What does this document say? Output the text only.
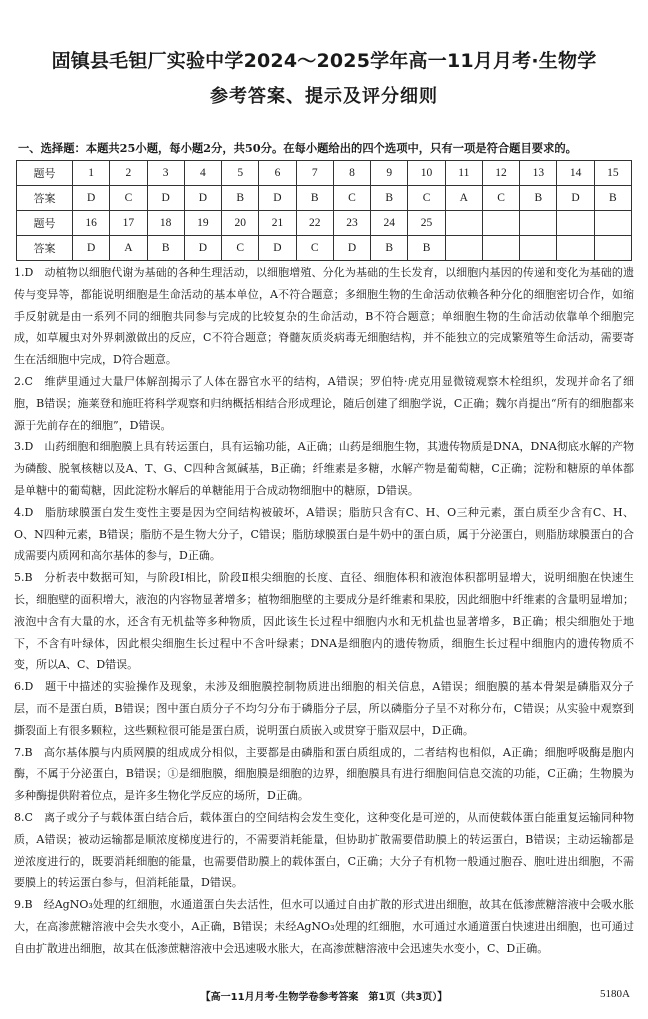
固镇县毛钽厂实验中学2024～2025学年高一11月月考·生物学
参考答案、提示及评分细则
一、选择题：本题共25小题，每小题2分，共50分。在每小题给出的四个选项中，只有一项是符合题目要求的。
题号	1	2	3	4	5	6	7	8	9	10	11	12	13	14	15
答案	D	C	D	D	B	D	B	C	B	C	A	C	B	D	B
题号	16	17	18	19	20	21	22	23	24	25					
答案	D	A	B	D	C	D	C	D	B	B					

1.D　动植物以细胞代谢为基础的各种生理活动，以细胞增殖、分化为基础的生长发育，以细胞内基因的传递和变化为基础的遗传与变异等，都能说明细胞是生命活动的基本单位，A不符合题意；多细胞生物的生命活动依赖各种分化的细胞密切合作，如缩手反射就是由一系列不同的细胞共同参与完成的比较复杂的生命活动，B不符合题意；单细胞生物的生命活动依靠单个细胞完成，如草履虫对外界刺激做出的反应，C不符合题意；脊髓灰质炎病毒无细胞结构，并不能独立的完成繁殖等生命活动，需要寄生在活细胞中完成，D符合题意。

2.C　维萨里通过大量尸体解剖揭示了人体在器官水平的结构，A错误；罗伯特·虎克用显微镜观察木栓组织，发现并命名了细胞，B错误；施莱登和施旺将科学观察和归纳概括相结合形成理论，随后创建了细胞学说，C正确；魏尔肖提出“所有的细胞都来源于先前存在的细胞”，D错误。

3.D　山药细胞和细胞膜上具有转运蛋白，具有运输功能，A正确；山药是细胞生物，其遗传物质是DNA，DNA彻底水解的产物为磷酸、脱氧核糖以及A、T、G、C四种含氮碱基，B正确；纤维素是多糖，水解产物是葡萄糖，C正确；淀粉和糖原的单体都是单糖中的葡萄糖，因此淀粉水解后的单糖能用于合成动物细胞中的糖原，D错误。

4.D　脂肪球膜蛋白发生变性主要是因为空间结构被破坏，A错误；脂肪只含有C、H、O三种元素，蛋白质至少含有C、H、O、N四种元素，B错误；脂肪不是生物大分子，C错误；脂肪球膜蛋白是牛奶中的蛋白质，属于分泌蛋白，则脂肪球膜蛋白的合成需要内质网和高尔基体的参与，D正确。

5.B　分析表中数据可知，与阶段Ⅰ相比，阶段Ⅱ根尖细胞的长度、直径、细胞体积和液泡体积都明显增大，说明细胞在快速生长，细胞壁的面积增大，液泡的内容物显著增多；植物细胞壁的主要成分是纤维素和果胶，因此细胞中纤维素的含量明显增加；液泡中含有大量的水，还含有无机盐等多种物质，因此该生长过程中细胞内水和无机盐也显著增多，B正确；根尖细胞处于地下，不含有叶绿体，因此根尖细胞生长过程中不含叶绿素；DNA是细胞内的遗传物质，细胞生长过程中细胞内的遗传物质不变，所以A、C、D错误。

6.D　题干中描述的实验操作及现象，未涉及细胞膜控制物质进出细胞的相关信息，A错误；细胞膜的基本骨架是磷脂双分子层，而不是蛋白质，B错误；图中蛋白质分子不均匀分布于磷脂分子层，所以磷脂分子呈不对称分布，C错误；从实验中观察到撕裂面上有很多颗粒，这些颗粒很可能是蛋白质，说明蛋白质嵌入或贯穿于脂双层中，D正确。

7.B　高尔基体膜与内质网膜的组成成分相似，主要都是由磷脂和蛋白质组成的，二者结构也相似，A正确；细胞呼吸酶是胞内酶，不属于分泌蛋白，B错误；①是细胞膜，细胞膜是细胞的边界，细胞膜具有进行细胞间信息交流的功能，C正确；生物膜为多种酶提供附着位点，是许多生物化学反应的场所，D正确。

8.C　离子或分子与载体蛋白结合后，载体蛋白的空间结构会发生变化，这种变化是可逆的，从而使载体蛋白能重复运输同种物质，A错误；被动运输都是顺浓度梯度进行的，不需要消耗能量，但协助扩散需要借助膜上的转运蛋白，B错误；主动运输都是逆浓度进行的，既要消耗细胞的能量，也需要借助膜上的载体蛋白，C正确；大分子有机物一般通过胞吞、胞吐进出细胞，不需要膜上的转运蛋白参与，但消耗能量，D错误。

9.B　经AgNO₃处理的红细胞，水通道蛋白失去活性，但水可以通过自由扩散的形式进出细胞，故其在低渗蔗糖溶液中会吸水胀大，在高渗蔗糖溶液中会失水变小，A正确，B错误；未经AgNO₃处理的红细胞，水可通过水通道蛋白快速进出细胞，也可通过自由扩散进出细胞，故其在低渗蔗糖溶液中会迅速吸水胀大，在高渗蔗糖溶液中会迅速失水变小，C、D正确。

【高一11月月考·生物学卷参考答案　第1页（共3页）】	5180A
